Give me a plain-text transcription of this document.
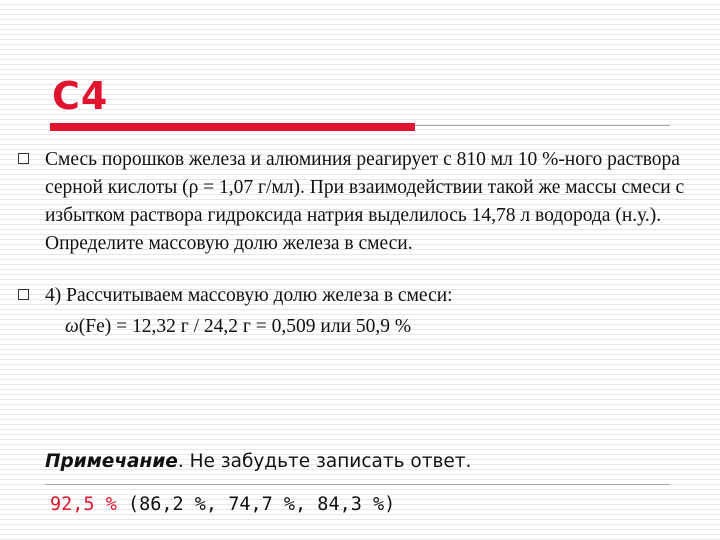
С4

Смесь порошков железа и алюминия реагирует с 810 мл 10 %-ного раствора серной кислоты (ρ = 1,07 г/мл). При взаимодействии такой же массы смеси с избытком раствора гидроксида натрия выделилось 14,78 л водорода (н.у.). Определите массовую долю железа в смеси.

4) Рассчитываем массовую долю железа в смеси:

ω(Fe) = 12,32 г / 24,2 г = 0,509 или 50,9 %

Примечание. Не забудьте записать ответ.

92,5 % (86,2 %, 74,7 %, 84,3 %)
